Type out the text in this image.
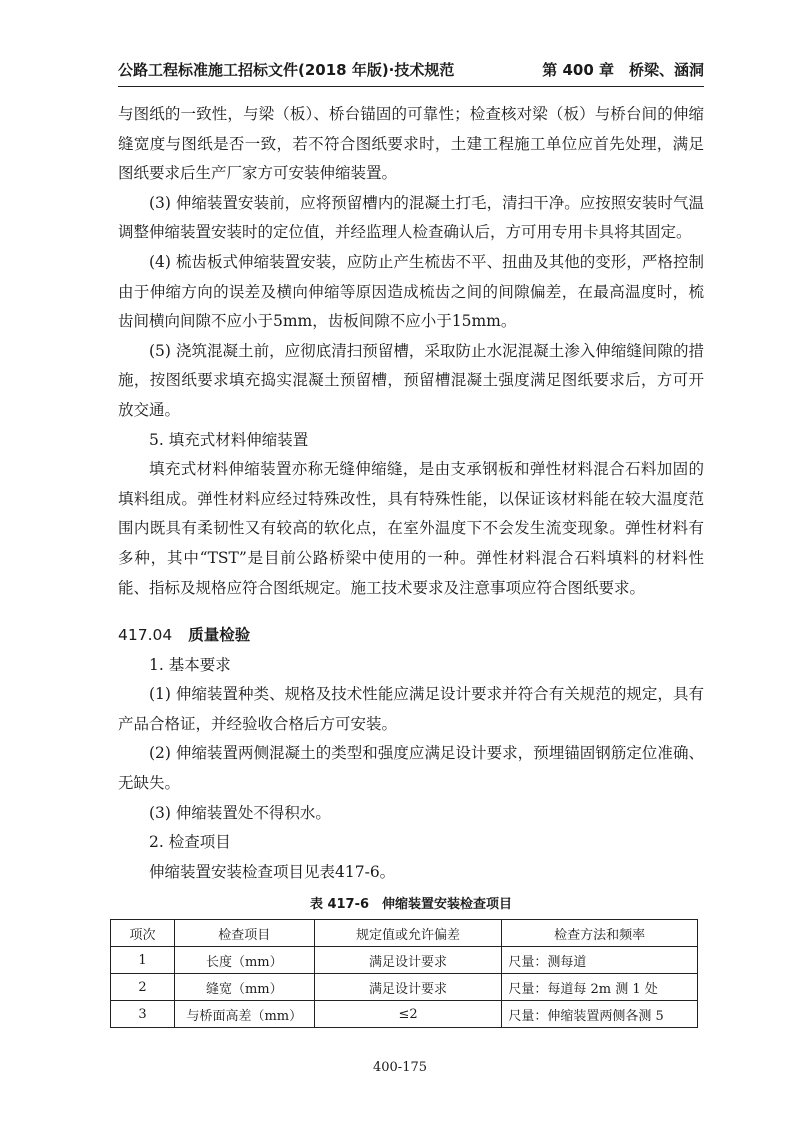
公路工程标准施工招标文件(2018 年版)·技术规范	第 400 章　桥梁、涵洞

与图纸的一致性，与梁（板）、桥台锚固的可靠性；检查核对梁（板）与桥台间的伸缩缝宽度与图纸是否一致，若不符合图纸要求时，土建工程施工单位应首先处理，满足图纸要求后生产厂家方可安装伸缩装置。

(3) 伸缩装置安装前，应将预留槽内的混凝土打毛，清扫干净。应按照安装时气温调整伸缩装置安装时的定位值，并经监理人检查确认后，方可用专用卡具将其固定。

(4) 梳齿板式伸缩装置安装，应防止产生梳齿不平、扭曲及其他的变形，严格控制由于伸缩方向的误差及横向伸缩等原因造成梳齿之间的间隙偏差，在最高温度时，梳齿间横向间隙不应小于5mm，齿板间隙不应小于15mm。

(5) 浇筑混凝土前，应彻底清扫预留槽，采取防止水泥混凝土渗入伸缩缝间隙的措施，按图纸要求填充捣实混凝土预留槽，预留槽混凝土强度满足图纸要求后，方可开放交通。

5. 填充式材料伸缩装置

填充式材料伸缩装置亦称无缝伸缩缝，是由支承钢板和弹性材料混合石料加固的填料组成。弹性材料应经过特殊改性，具有特殊性能，以保证该材料能在较大温度范围内既具有柔韧性又有较高的软化点，在室外温度下不会发生流变现象。弹性材料有多种，其中“TST”是目前公路桥梁中使用的一种。弹性材料混合石料填料的材料性能、指标及规格应符合图纸规定。施工技术要求及注意事项应符合图纸要求。

417.04 质量检验

1. 基本要求

(1) 伸缩装置种类、规格及技术性能应满足设计要求并符合有关规范的规定，具有产品合格证，并经验收合格后方可安装。

(2) 伸缩装置两侧混凝土的类型和强度应满足设计要求，预埋锚固钢筋定位准确、无缺失。

(3) 伸缩装置处不得积水。

2. 检查项目

伸缩装置安装检查项目见表417-6。

表 417-6　伸缩装置安装检查项目
项次	检查项目	规定值或允许偏差	检查方法和频率
1	长度（mm）	满足设计要求	尺量：测每道
2	缝宽（mm）	满足设计要求	尺量：每道每 2m 测 1 处
3	与桥面高差（mm）	≤2	尺量：伸缩装置两侧各测 5
400-175
